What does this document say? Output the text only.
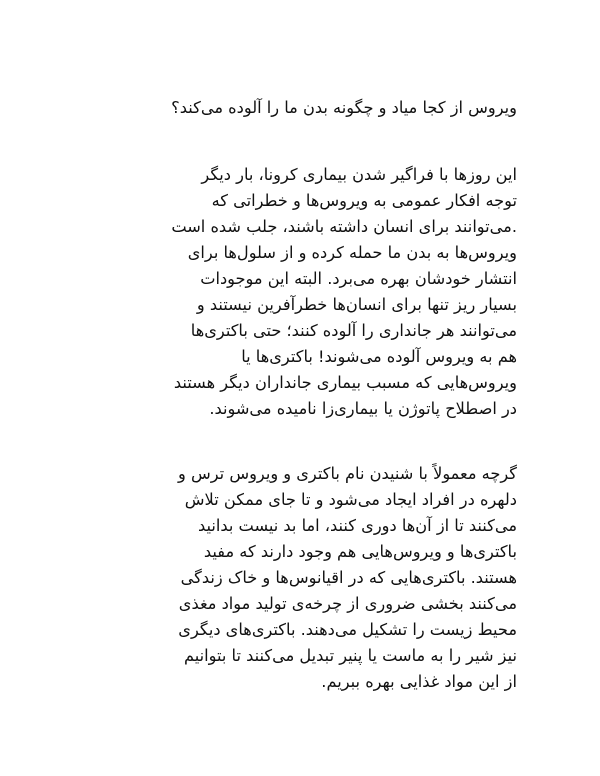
ویروس از کجا میاد و چگونه بدن ما را آلوده می‌کند؟
این روزها با فراگیر شدن بیماری کرونا، بار دیگر
توجه افکار عمومی به ویروس‌ها و خطراتی که
می‌توانند برای انسان داشته باشند، جلب شده است.
ویروس‌ها به بدن ما حمله کرده و از سلول‌ها برای
انتشار خودشان بهره می‌برد. البته این موجودات
بسیار ریز تنها برای انسان‌ها خطرآفرین نیستند و
می‌توانند هر جانداری را آلوده کنند؛ حتی باکتری‌ها
هم به ویروس آلوده می‌شوند! باکتری‌ها یا
ویروس‌هایی که مسبب بیماری جانداران دیگر هستند
.در اصطلاح پاتوژن یا بیماری‌زا نامیده می‌شوند
گرچه معمولاً با شنیدن نام باکتری و ویروس ترس و
دلهره در افراد ایجاد می‌شود و تا جای ممکن تلاش
می‌کنند تا از آن‌ها دوری کنند، اما بد نیست بدانید
باکتری‌ها و ویروس‌هایی هم وجود دارند که مفید
هستند. باکتری‌هایی که در اقیانوس‌ها و خاک زندگی
می‌کنند بخشی ضروری از چرخه‌ی تولید مواد مغذی
محیط زیست را تشکیل می‌دهند. باکتری‌های دیگری
نیز شیر را به ماست یا پنیر تبدیل می‌کنند تا بتوانیم
.از این مواد غذایی بهره ببریم
